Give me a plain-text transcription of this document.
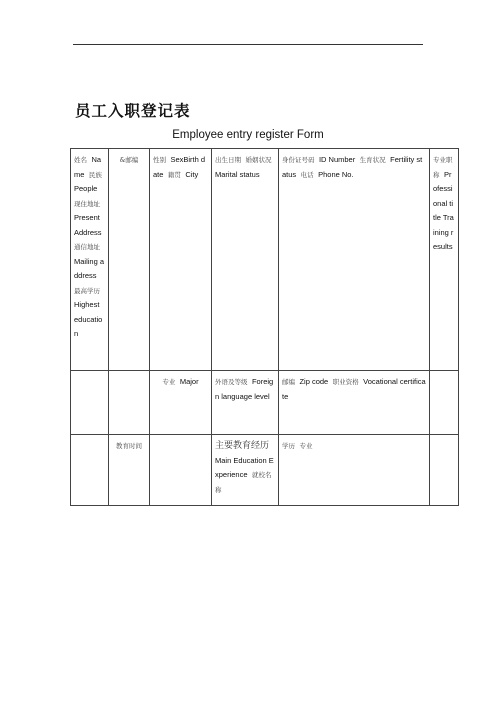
员工入职登记表
Employee entry register Form
姓名 Name 民族 People 现住地址 Present Address 通信地址 Mailing address 最高学历 Highest education	&邮编	性别 SexBirth date 籍贯 City	出生日期 婚姻状况 Marital status	身份证号码 ID Number 生育状况 Fertility status 电话 Phone No.	专业职称 Professional title Training results
		专业 Major	外语及等级 Foreign language level	邮编 Zip code 职业资格 Vocational certificate	
	教育时间		主要教育经历 Main Education Experience 就校名称	学历 专业	
